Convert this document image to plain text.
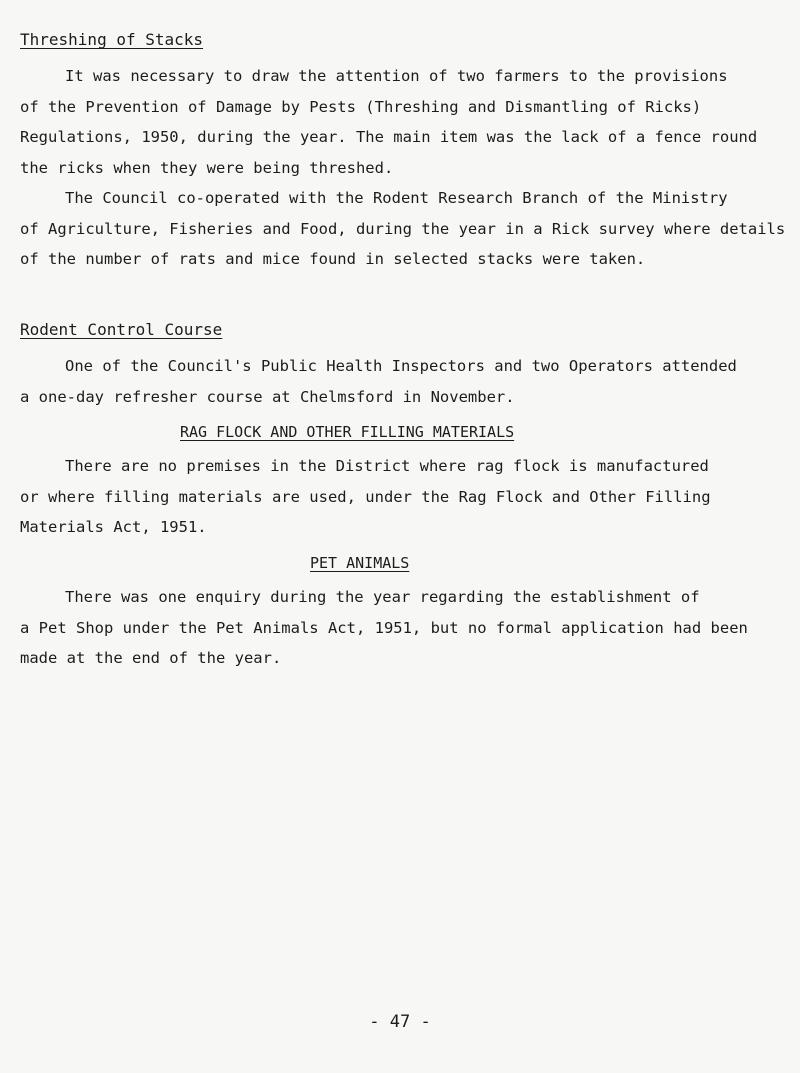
Threshing of Stacks
It was necessary to draw the attention of two farmers to the provisions
of the Prevention of Damage by Pests (Threshing and Dismantling of Ricks)
Regulations, 1950, during the year. The main item was the lack of a fence round
the ricks when they were being threshed.
The Council co-operated with the Rodent Research Branch of the Ministry
of Agriculture, Fisheries and Food, during the year in a Rick survey where details
of the number of rats and mice found in selected stacks were taken.
Rodent Control Course
One of the Council's Public Health Inspectors and two Operators attended
a one-day refresher course at Chelmsford in November.
RAG FLOCK AND OTHER FILLING MATERIALS
There are no premises in the District where rag flock is manufactured
or where filling materials are used, under the Rag Flock and Other Filling
Materials Act, 1951.
PET ANIMALS
There was one enquiry during the year regarding the establishment of
a Pet Shop under the Pet Animals Act, 1951, but no formal application had been
made at the end of the year.
- 47 -
